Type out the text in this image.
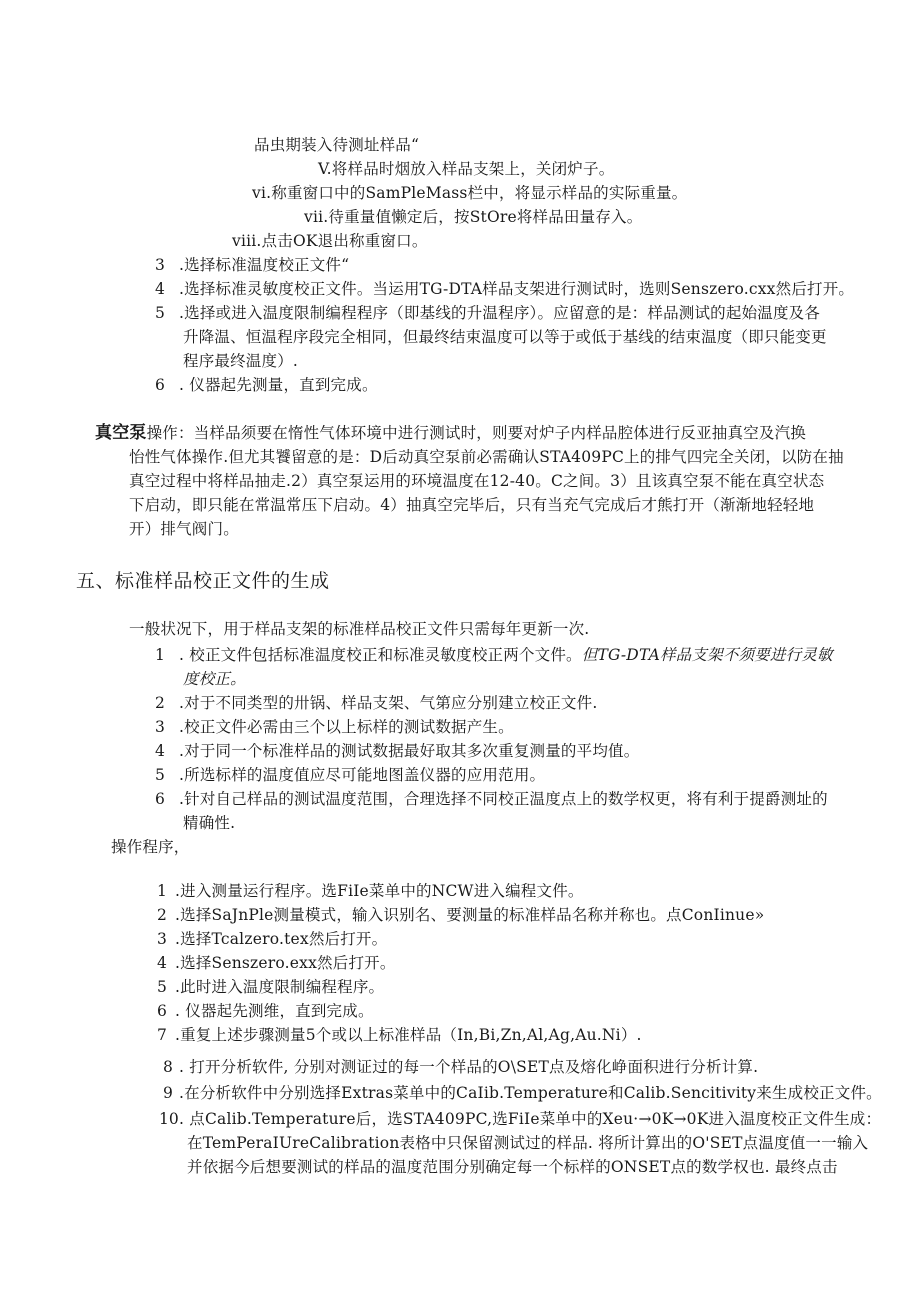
品虫期装入待测址样品“
V.将样品时烟放入样品支架上，关闭炉子。
vi.称重窗口中的SamPleMass栏中，将显示样品的实际重量。
vii.待重量值懒定后，按StOre将样品田量存入。
viii.点击OK退出称重窗口。
3 .选择标准温度校正文件“
4 .选择标准灵敏度校正文件。当运用TG-DTA样品支架进行测试时，选则Senszero.cxx然后打开。
5 .选择或进入温度限制编程程序（即基线的升温程序）。应留意的是：样品测试的起始温度及各
升降温、恒温程序段完全相同，但最终结束温度可以等于或低于基线的结束温度（即只能变更
程序最终温度）.
6 . 仪器起先测量，直到完成。
真空泵操作：当样品须要在惰性气体环境中进行测试时，则要对炉子内样品腔体进行反亚抽真空及汽换
怡性气体操作.但尤其饕留意的是：D后动真空泵前必需确认STA409PC上的排气四完全关闭，以防在抽
真空过程中将样品抽走.2）真空泵运用的环境温度在12-40。C之间。3）且该真空泵不能在真空状态
下启动，即只能在常温常压下启动。4）抽真空完毕后，只有当充气完成后才熊打开（渐渐地轻轻地
开）排气阀门。
五、标准样品校正文件的生成
一般状况下，用于样品支架的标准样品校正文件只需每年更新一次.
1 . 校正文件包括标准温度校正和标准灵敏度校正两个文件。但TG-DTA样品支架不须要进行灵敏
度校正。
2 .对于不同类型的卅锅、样品支架、气第应分别建立校正文件.
3 .校正文件必需由三个以上标样的测试数据产生。
4 .对于同一个标准样品的测试数据最好取其多次重复测量的平均值。
5 .所选标样的温度值应尽可能地图盖仪器的应用范用。
6 .针对自己样品的测试温度范围，合理选择不同校正温度点上的数学权更，将有利于提爵测址的
精确性.
操作程序，
1 .进入测量运行程序。选FiIe菜单中的NCW进入编程文件。
2 .选择SaJnPle测量模式，输入识别名、要测量的标准样品名称并称也。点ConIinue»
3 .选择Tcalzero.tex然后打开。
4 .选择Senszero.exx然后打开。
5 .此时进入温度限制编程程序。
6 . 仪器起先测维，直到完成。
7 .重复上述步骤测量5个或以上标准样品（In,Bi,Zn,Al,Ag,Au.Ni）.
8 . 打开分析软件, 分别对测证过的每一个样品的O\SET点及熔化峥面积进行分析计算.
9 .在分析软件中分别选择Extras菜单中的CaIib.Temperature和Calib.Sencitivity来生成校正文件。
10 . 点Calib.Temperature后，选STA409PC,选FiIe菜单中的Xeu·→0K→0K进入温度校正文件生成：
在TemPeraIUreCalibration表格中只保留测试过的样品. 将所计算出的O'SET点温度值一一输入
并依据今后想要测试的样品的温度范围分别确定每一个标样的ONSET点的数学权也. 最终点击
